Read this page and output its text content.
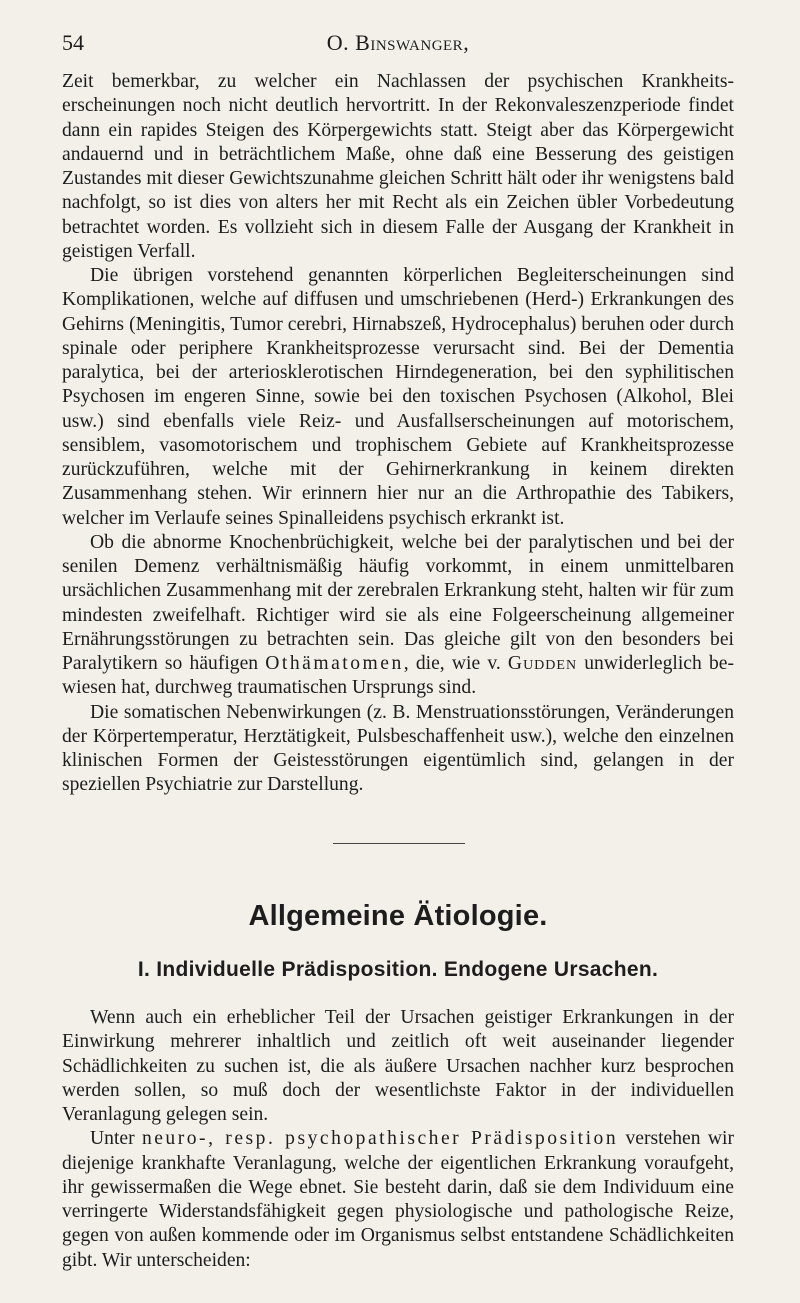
54	O. Binswanger,

Zeit bemerkbar, zu welcher ein Nachlassen der psychischen Krankheitserscheinungen noch nicht deutlich hervortritt. In der Rekonvaleszenzperiode findet dann ein rapides Steigen des Körpergewichts statt. Steigt aber das Körpergewicht andauernd und in beträchtlichem Maße, ohne daß eine Besserung des geistigen Zustandes mit dieser Gewichtszunahme gleichen Schritt hält oder ihr wenigstens bald nachfolgt, so ist dies von alters her mit Recht als ein Zeichen übler Vorbedeutung betrachtet worden. Es vollzieht sich in diesem Falle der Ausgang der Krankheit in geistigen Verfall.

Die übrigen vorstehend genannten körperlichen Begleiterscheinungen sind Komplikationen, welche auf diffusen und umschriebenen (Herd-) Erkrankungen des Gehirns (Meningitis, Tumor cerebri, Hirnabszeß, Hydrocephalus) beruhen oder durch spinale oder periphere Krankheitsprozesse verursacht sind. Bei der Dementia paralytica, bei der arteriosklerotischen Hirndegeneration, bei den syphilitischen Psychosen im engeren Sinne, sowie bei den toxischen Psychosen (Alkohol, Blei usw.) sind ebenfalls viele Reiz- und Ausfallserscheinungen auf motorischem, sensiblem, vasomotorischem und trophischem Gebiete auf Krankheitsprozesse zurückzuführen, welche mit der Gehirnerkrankung in keinem direkten Zusammenhang stehen. Wir erinnern hier nur an die Arthropathie des Tabikers, welcher im Verlaufe seines Spinalleidens psychisch erkrankt ist.

Ob die abnorme Knochenbrüchigkeit, welche bei der paralytischen und bei der senilen Demenz verhältnismäßig häufig vorkommt, in einem unmittelbaren ursächlichen Zusammenhang mit der zerebralen Erkrankung steht, halten wir für zum mindesten zweifelhaft. Richtiger wird sie als eine Folgeerscheinung allgemeiner Ernährungsstörungen zu betrachten sein. Das gleiche gilt von den besonders bei Paralytikern so häufigen Othämatomen, die, wie v. Gudden unwiderleglich bewiesen hat, durchweg traumatischen Ursprungs sind.

Die somatischen Nebenwirkungen (z. B. Menstruationsstörungen, Veränderungen der Körpertemperatur, Herztätigkeit, Pulsbeschaffenheit usw.), welche den einzelnen klinischen Formen der Geistesstörungen eigentümlich sind, gelangen in der speziellen Psychiatrie zur Darstellung.

Allgemeine Ätiologie.
I. Individuelle Prädisposition. Endogene Ursachen.

Wenn auch ein erheblicher Teil der Ursachen geistiger Erkrankungen in der Einwirkung mehrerer inhaltlich und zeitlich oft weit auseinander liegender Schädlichkeiten zu suchen ist, die als äußere Ursachen nachher kurz besprochen werden sollen, so muß doch der wesentlichste Faktor in der individuellen Veranlagung gelegen sein.

Unter neuro-, resp. psychopathischer Prädisposition verstehen wir diejenige krankhafte Veranlagung, welche der eigentlichen Erkrankung voraufgeht, ihr gewissermaßen die Wege ebnet. Sie besteht darin, daß sie dem Individuum eine verringerte Widerstandsfähigkeit gegen physiologische und pathologische Reize, gegen von außen kommende oder im Organismus selbst entstandene Schädlichkeiten gibt. Wir unterscheiden:
